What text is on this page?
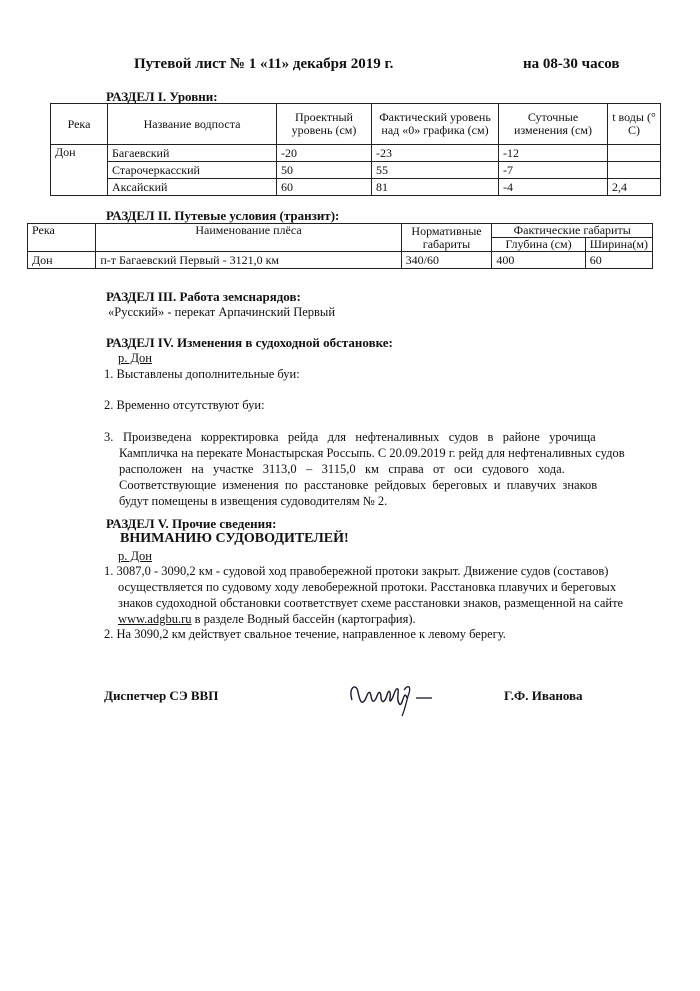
Путевой лист № 1 «11» декабря 2019 г.	на 08-30 часов
РАЗДЕЛ I. Уровни:
Река	Название водпоста	Проектный уровень (см)	Фактический уровень над «0» графика (см)	Суточные изменения (см)	t воды (° С)
Дон	Багаевский	-20	-23	-12	
	Старочеркасский	50	55	-7	
	Аксайский	60	81	-4	2,4
РАЗДЕЛ II. Путевые условия (транзит):
Река	Наименование плёса	Нормативные габариты	Фактические габариты	
			Глубина (см)	Ширина(м)
Дон	п-т Багаевский Первый - 3121,0 км	340/60	400	60
РАЗДЕЛ III. Работа земснарядов:
«Русский» - перекат Арпачинский Первый
РАЗДЕЛ IV. Изменения в судоходной обстановке:
р. Дон
1. Выставлены дополнительные буи:
2. Временно отсутствуют буи:
3. Произведена   корректировка   рейда   для   нефтеналивных   судов   в   районе   урочища
Кампличка на перекате Монастырская Россыпь. С 20.09.2019 г. рейд для нефтеналивных судов
расположен   на   участке   3113,0   –   3115,0   км   справа   от   оси   судового   хода.
Соответствующие  изменения  по  расстановке  рейдовых  береговых  и  плавучих  знаков
будут помещены в извещения судоводителям № 2.
РАЗДЕЛ V. Прочие сведения:
ВНИМАНИЮ СУДОВОДИТЕЛЕЙ!
р. Дон
1. 3087,0 - 3090,2 км - судовой ход правобережной протоки закрыт. Движение судов (составов)
осуществляется по судовому ходу левобережной протоки. Расстановка плавучих и береговых
знаков судоходной обстановки соответствует схеме расстановки знаков, размещенной на сайте
www.adgbu.ru в разделе Водный бассейн (картография).
2. На 3090,2 км действует свальное течение, направленное к левому берегу.
Диспетчер СЭ ВВП	Г.Ф. Иванова
